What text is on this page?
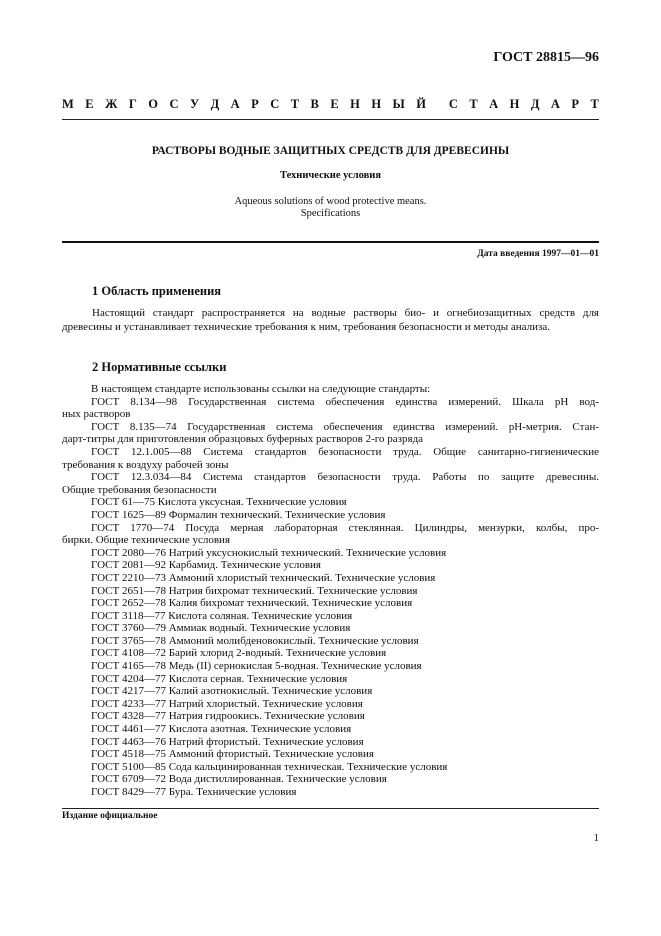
ГОСТ 28815—96
М Е Ж Г О С У Д А Р С Т В Е Н Н Ы Й С Т А Н Д А Р Т
РАСТВОРЫ ВОДНЫЕ ЗАЩИТНЫХ СРЕДСТВ ДЛЯ ДРЕВЕСИНЫ
Технические условия
Aqueous solutions of wood protective means.
Specifications
Дата введения 1997—01—01
1 Область применения
Настоящий стандарт распространяется на водные растворы био- и огнебиозащитных средств для древесины и устанавливает технические требования к ним, требования безопасности и методы анализа.
2 Нормативные ссылки
В настоящем стандарте использованы ссылки на следующие стандарты:
ГОСТ 8.134—98 Государственная система обеспечения единства измерений. Шкала pH вод-
ных растворов
ГОСТ 8.135—74 Государственная система обеспечения единства измерений. pH-метрия. Стан-
дарт-титры для приготовления образцовых буферных растворов 2-го разряда
ГОСТ 12.1.005—88 Система стандартов безопасности труда. Общие санитарно-гигиенические
требования к воздуху рабочей зоны
ГОСТ 12.3.034—84 Система стандартов безопасности труда. Работы по защите древесины.
Общие требования безопасности
ГОСТ 61—75 Кислота уксусная. Технические условия
ГОСТ 1625—89 Формалин технический. Технические условия
ГОСТ 1770—74 Посуда мерная лабораторная стеклянная. Цилиндры, мензурки, колбы, про-
бирки. Общие технические условия
ГОСТ 2080—76 Натрий уксуснокислый технический. Технические условия
ГОСТ 2081—92 Карбамид. Технические условия
ГОСТ 2210—73 Аммоний хлористый технический. Технические условия
ГОСТ 2651—78 Натрия бихромат технический. Технические условия
ГОСТ 2652—78 Калия бихромат технический. Технические условия
ГОСТ 3118—77 Кислота соляная. Технические условия
ГОСТ 3760—79 Аммиак водный. Технические условия
ГОСТ 3765—78 Аммоний молибденовокислый. Технические условия
ГОСТ 4108—72 Барий хлорид 2-водный. Технические условия
ГОСТ 4165—78 Медь (II) сернокислая 5-водная. Технические условия
ГОСТ 4204—77 Кислота серная. Технические условия
ГОСТ 4217—77 Калий азотнокислый. Технические условия
ГОСТ 4233—77 Натрий хлористый. Технические условия
ГОСТ 4328—77 Натрия гидроокись. Технические условия
ГОСТ 4461—77 Кислота азотная. Технические условия
ГОСТ 4463—76 Натрий фтористый. Технические условия
ГОСТ 4518—75 Аммоний фтористый. Технические условия
ГОСТ 5100—85 Сода кальцинированная техническая. Технические условия
ГОСТ 6709—72 Вода дистиллированная. Технические условия
ГОСТ 8429—77 Бура. Технические условия
Издание официальное
1
